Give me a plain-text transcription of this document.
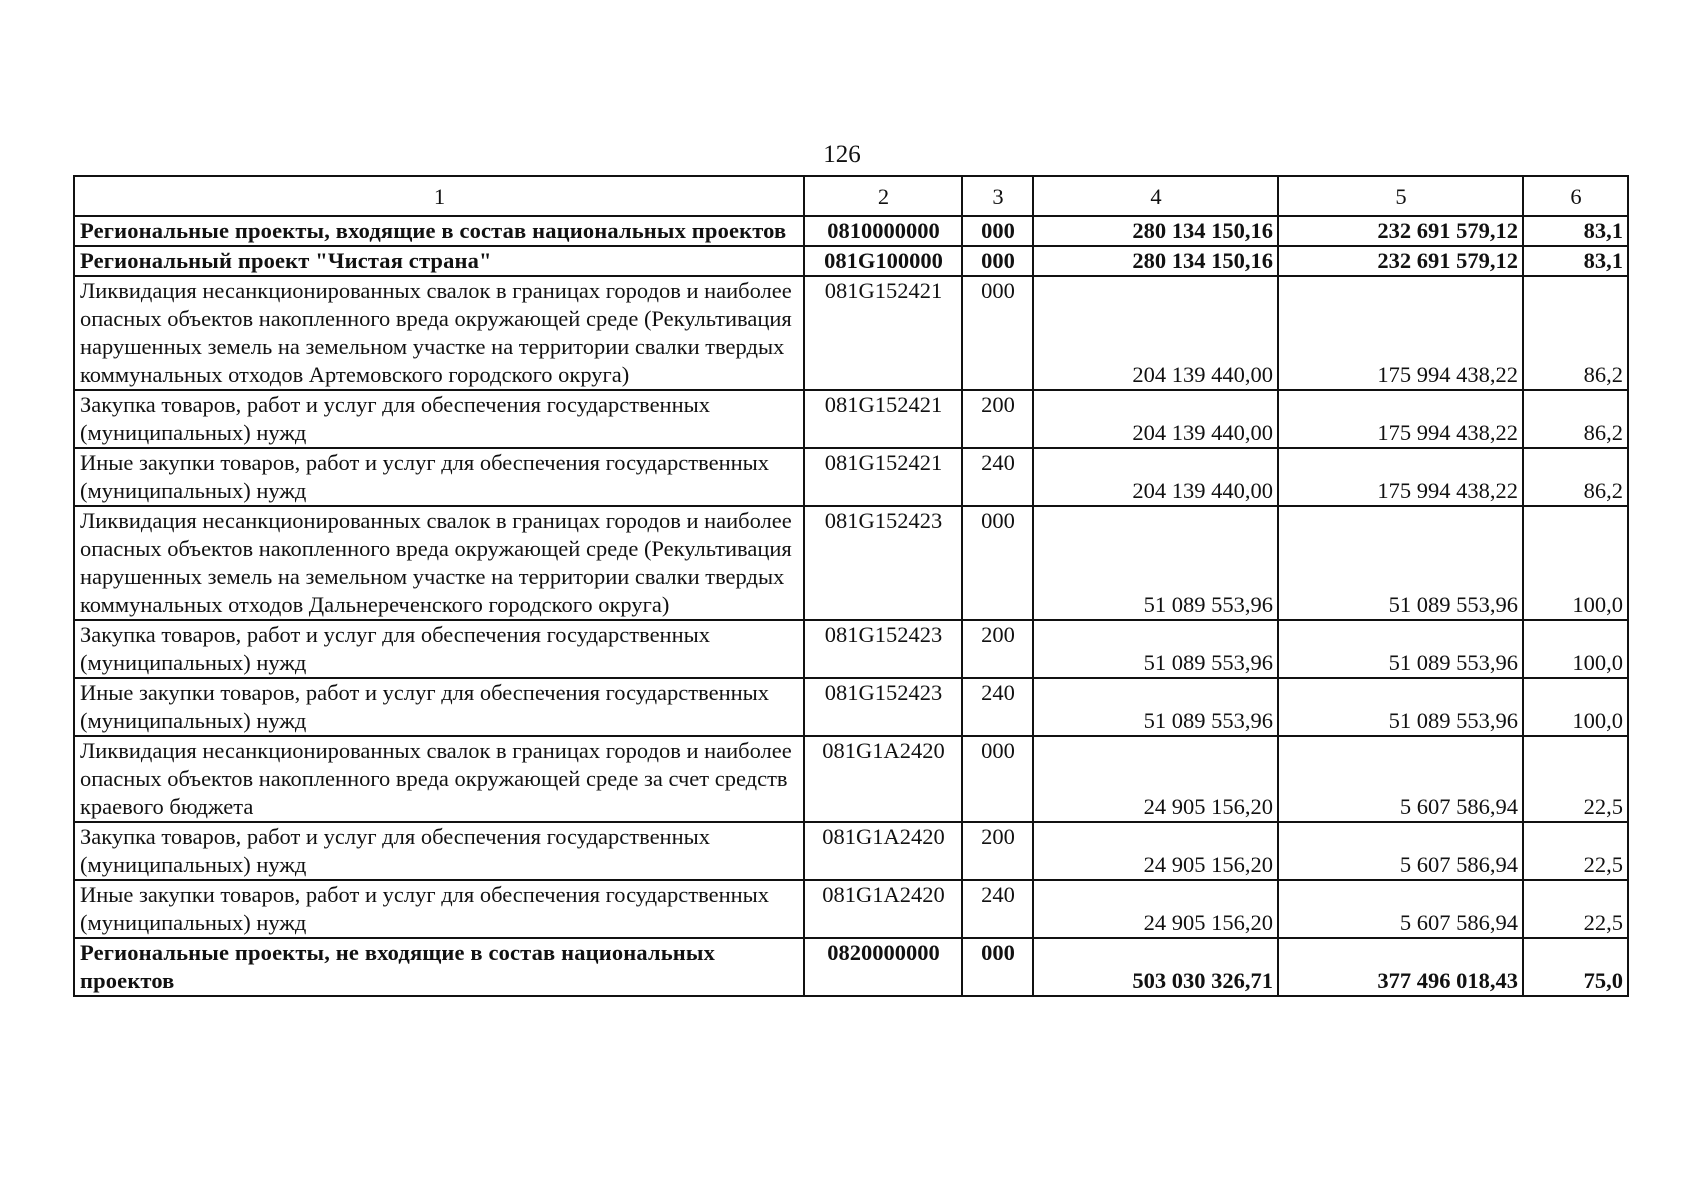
126
1	2	3	4	5	6
Региональные проекты, входящие в состав национальных проектов	0810000000	000	280 134 150,16	232 691 579,12	83,1
Региональный проект "Чистая страна"	081G100000	000	280 134 150,16	232 691 579,12	83,1
Ликвидация несанкционированных свалок в границах городов и наиболее опасных объектов накопленного вреда окружающей среде (Рекультивация нарушенных земель на земельном участке на территории свалки твердых коммунальных отходов Артемовского городского округа)	081G152421	000	204 139 440,00	175 994 438,22	86,2
Закупка товаров, работ и услуг для обеспечения государственных (муниципальных) нужд	081G152421	200	204 139 440,00	175 994 438,22	86,2
Иные закупки товаров, работ и услуг для обеспечения государственных (муниципальных) нужд	081G152421	240	204 139 440,00	175 994 438,22	86,2
Ликвидация несанкционированных свалок в границах городов и наиболее опасных объектов накопленного вреда окружающей среде (Рекультивация нарушенных земель на земельном участке на территории свалки твердых коммунальных отходов Дальнереченского городского округа)	081G152423	000	51 089 553,96	51 089 553,96	100,0
Закупка товаров, работ и услуг для обеспечения государственных (муниципальных) нужд	081G152423	200	51 089 553,96	51 089 553,96	100,0
Иные закупки товаров, работ и услуг для обеспечения государственных (муниципальных) нужд	081G152423	240	51 089 553,96	51 089 553,96	100,0
Ликвидация несанкционированных свалок в границах городов и наиболее опасных объектов накопленного вреда окружающей среде за счет средств краевого бюджета	081G1A2420	000	24 905 156,20	5 607 586,94	22,5
Закупка товаров, работ и услуг для обеспечения государственных (муниципальных) нужд	081G1A2420	200	24 905 156,20	5 607 586,94	22,5
Иные закупки товаров, работ и услуг для обеспечения государственных (муниципальных) нужд	081G1A2420	240	24 905 156,20	5 607 586,94	22,5
Региональные проекты, не входящие в состав национальных проектов	0820000000	000	503 030 326,71	377 496 018,43	75,0
